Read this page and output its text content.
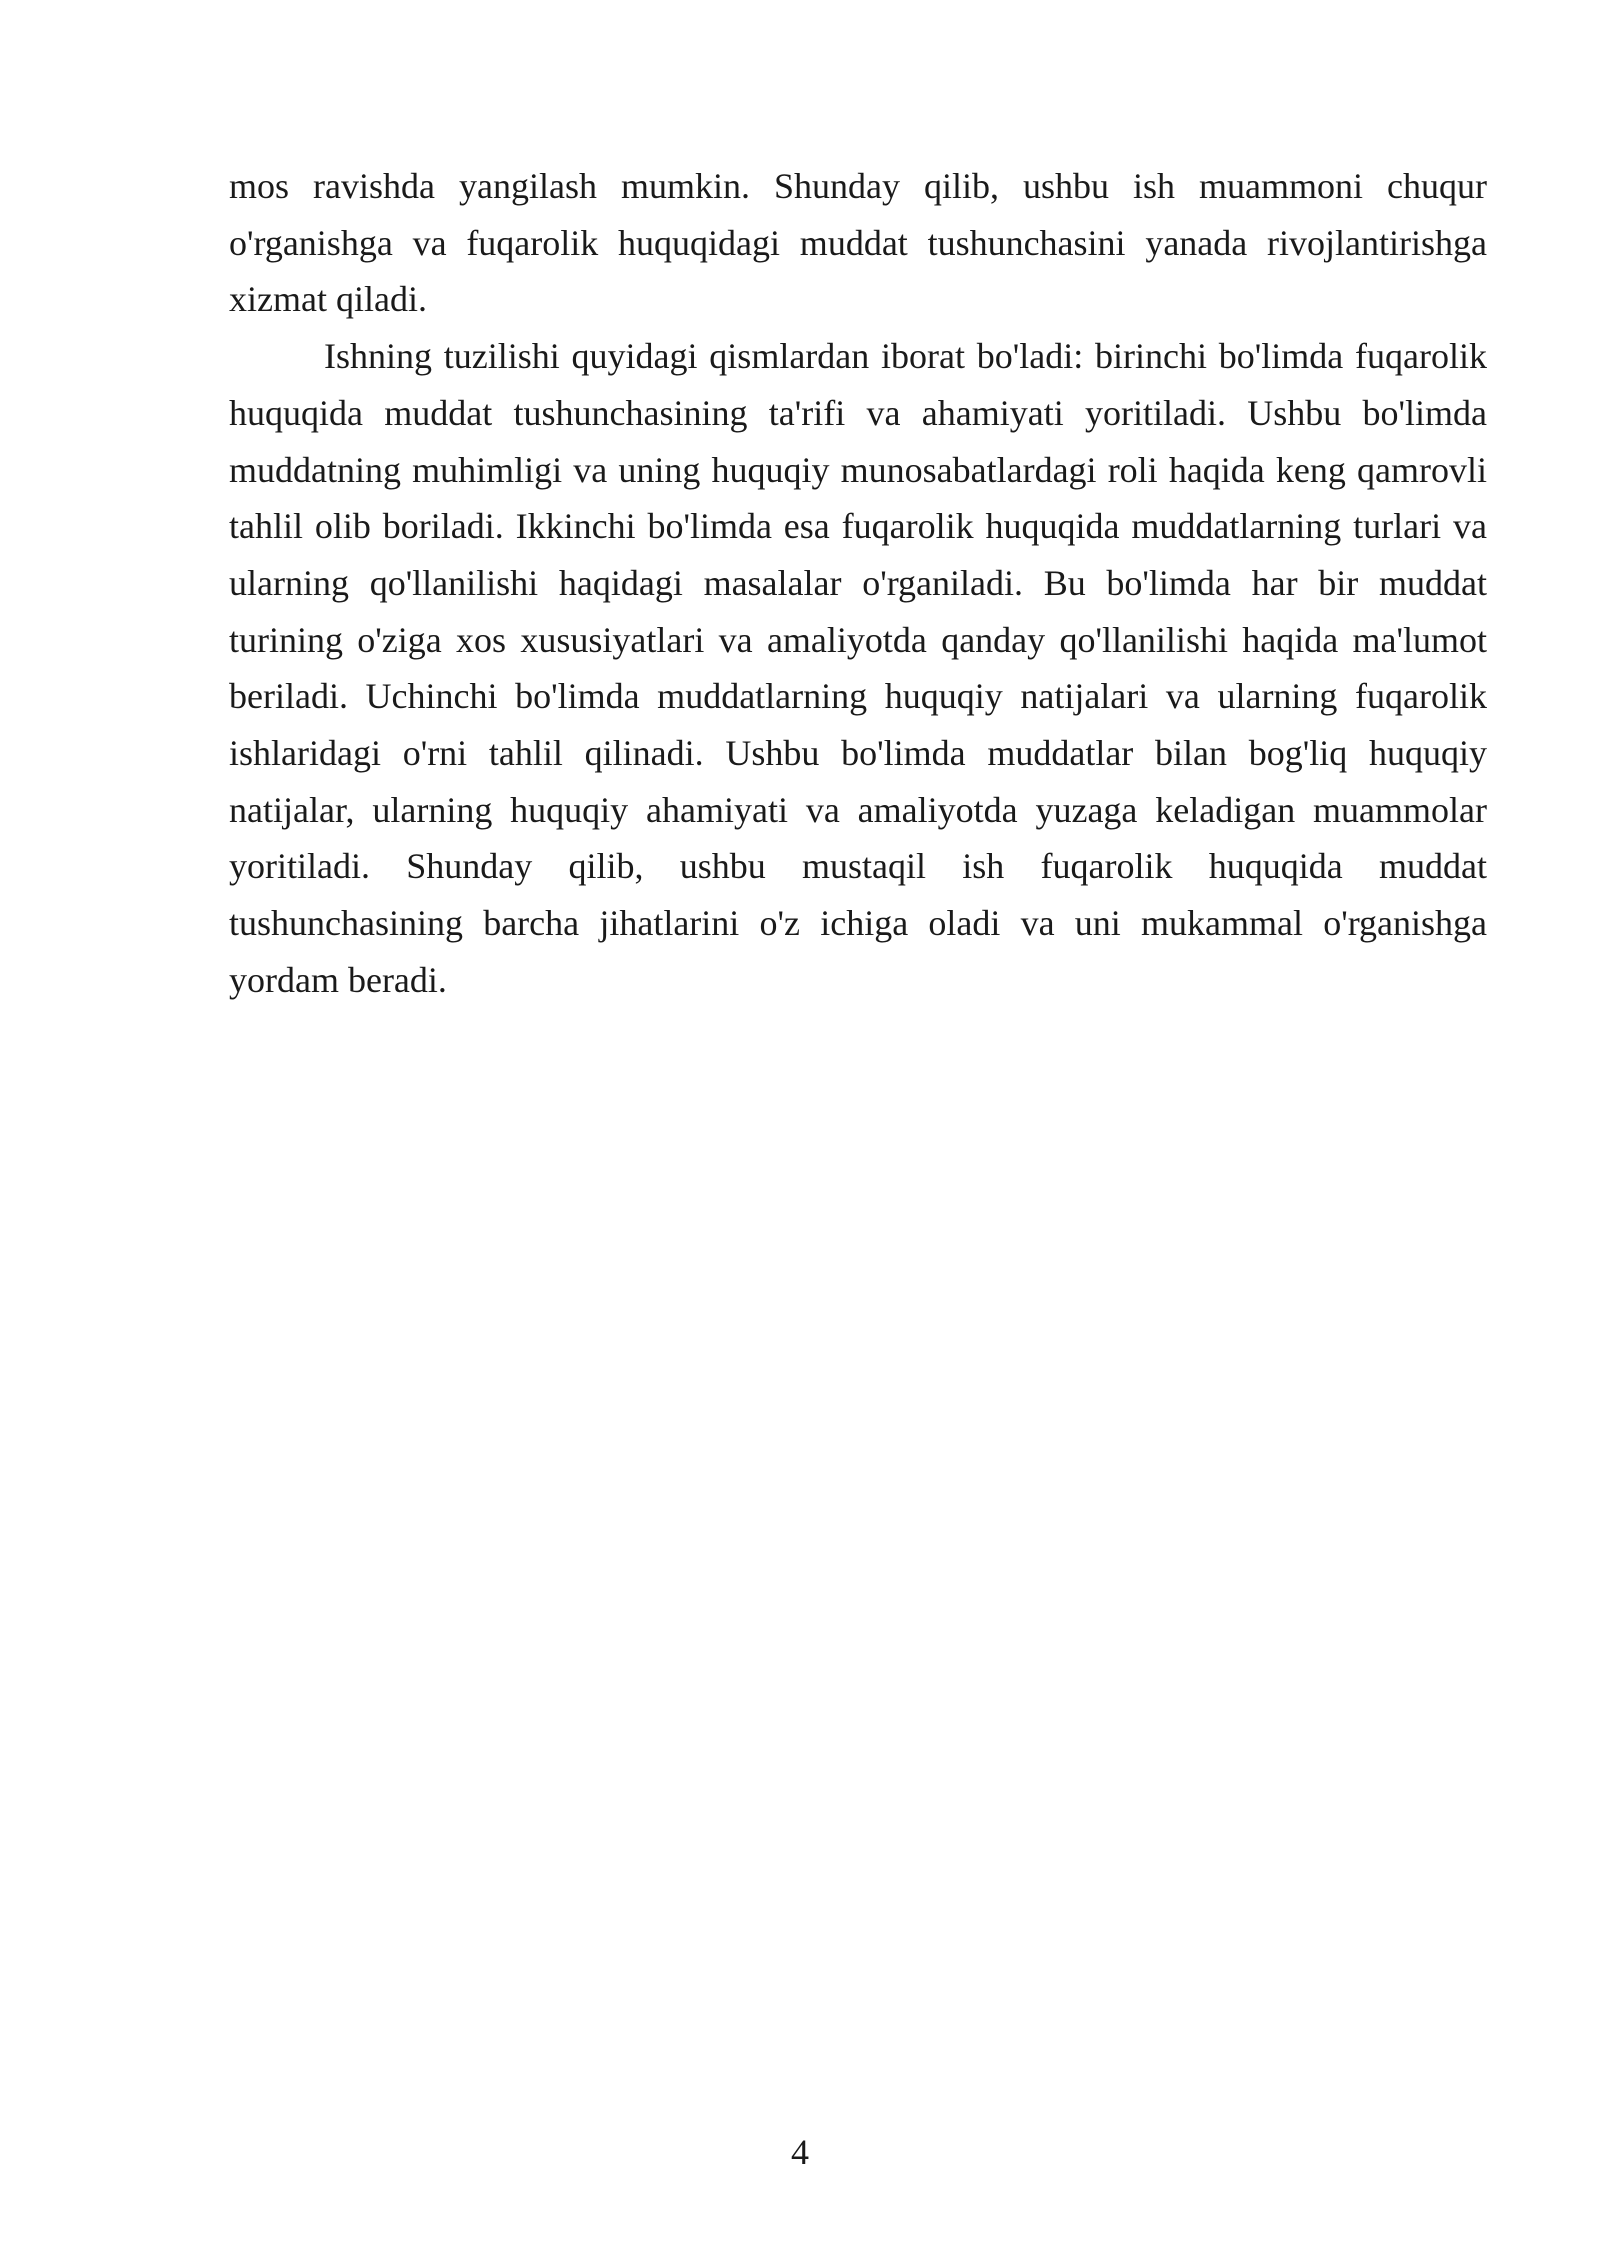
mos ravishda yangilash mumkin. Shunday qilib, ushbu ish muammoni chuqur o'rganishga va fuqarolik huquqidagi muddat tushunchasini yanada rivojlantirishga xizmat qiladi.

Ishning tuzilishi quyidagi qismlardan iborat bo'ladi: birinchi bo'limda fuqarolik huquqida muddat tushunchasining ta'rifi va ahamiyati yoritiladi. Ushbu bo'limda muddatning muhimligi va uning huquqiy munosabatlardagi roli haqida keng qamrovli tahlil olib boriladi. Ikkinchi bo'limda esa fuqarolik huquqida muddatlarning turlari va ularning qo'llanilishi haqidagi masalalar o'rganiladi. Bu bo'limda har bir muddat turining o'ziga xos xususiyatlari va amaliyotda qanday qo'llanilishi haqida ma'lumot beriladi. Uchinchi bo'limda muddatlarning huquqiy natijalari va ularning fuqarolik ishlaridagi o'rni tahlil qilinadi. Ushbu bo'limda muddatlar bilan bog'liq huquqiy natijalar, ularning huquqiy ahamiyati va amaliyotda yuzaga keladigan muammolar yoritiladi. Shunday qilib, ushbu mustaqil ish fuqarolik huquqida muddat tushunchasining barcha jihatlarini o'z ichiga oladi va uni mukammal o'rganishga yordam beradi.

4
